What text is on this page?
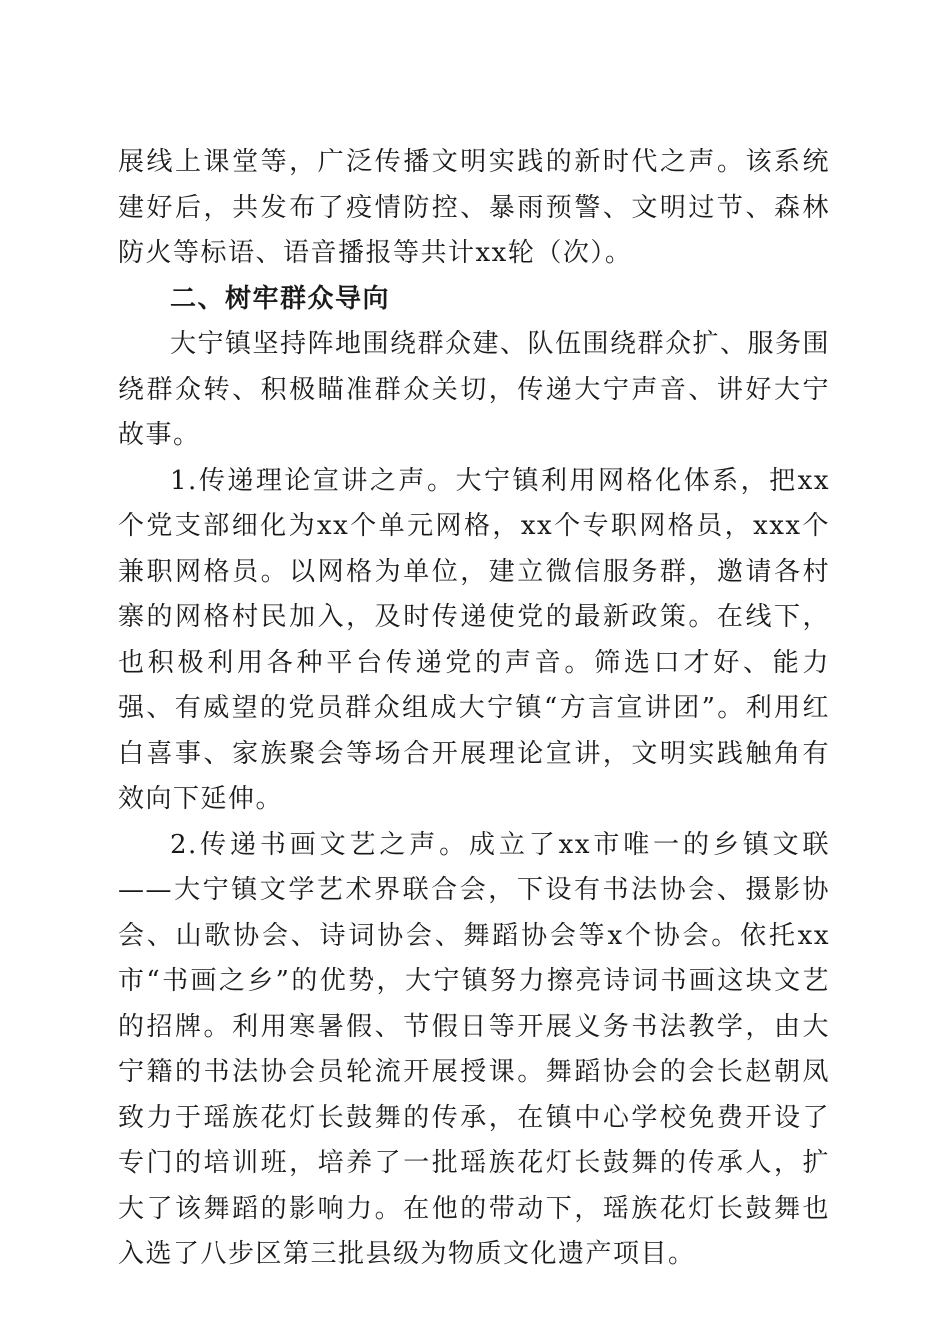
展线上课堂等，广泛传播文明实践的新时代之声。该系统建好后，共发布了疫情防控、暴雨预警、文明过节、森林防火等标语、语音播报等共计xx轮（次）。

二、树牢群众导向

大宁镇坚持阵地围绕群众建、队伍围绕群众扩、服务围绕群众转、积极瞄准群众关切，传递大宁声音、讲好大宁故事。

1.传递理论宣讲之声。大宁镇利用网格化体系，把xx个党支部细化为xx个单元网格，xx个专职网格员，xxx个兼职网格员。以网格为单位，建立微信服务群，邀请各村寨的网格村民加入，及时传递使党的最新政策。在线下，也积极利用各种平台传递党的声音。筛选口才好、能力强、有威望的党员群众组成大宁镇“方言宣讲团”。利用红白喜事、家族聚会等场合开展理论宣讲，文明实践触角有效向下延伸。

2.传递书画文艺之声。成立了xx市唯一的乡镇文联——大宁镇文学艺术界联合会，下设有书法协会、摄影协会、山歌协会、诗词协会、舞蹈协会等x个协会。依托xx市“书画之乡”的优势，大宁镇努力擦亮诗词书画这块文艺的招牌。利用寒暑假、节假日等开展义务书法教学，由大宁籍的书法协会员轮流开展授课。舞蹈协会的会长赵朝凤致力于瑶族花灯长鼓舞的传承，在镇中心学校免费开设了专门的培训班，培养了一批瑶族花灯长鼓舞的传承人，扩大了该舞蹈的影响力。在他的带动下，瑶族花灯长鼓舞也入选了八步区第三批县级为物质文化遗产项目。
